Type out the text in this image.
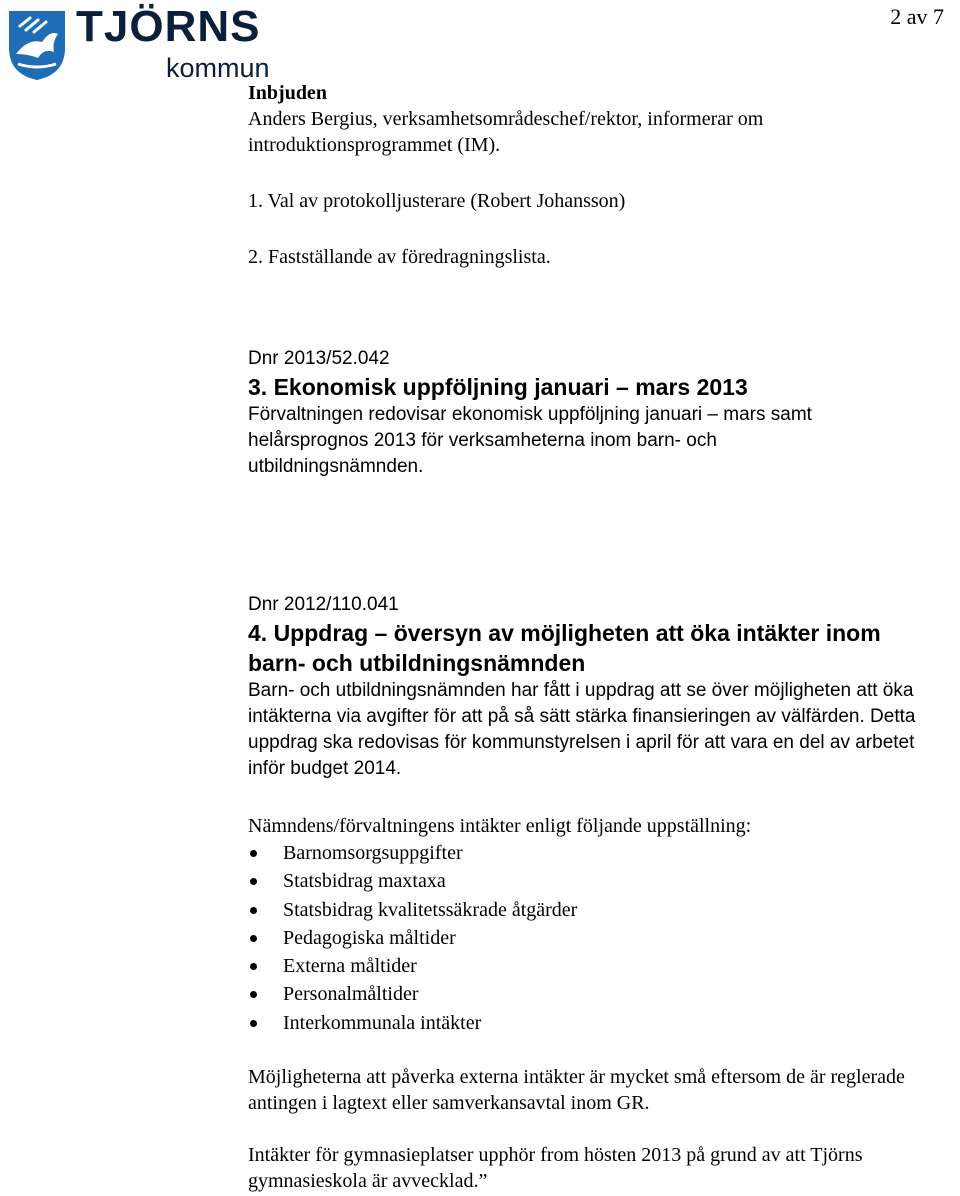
TJÖRNS
kommun
2 av 7
Inbjuden
Anders Bergius, verksamhetsområdeschef/rektor, informerar om introduktionsprogrammet (IM).
1. Val av protokolljusterare (Robert Johansson)
2. Fastställande av föredragningslista.
Dnr 2013/52.042
3. Ekonomisk uppföljning januari – mars 2013
Förvaltningen redovisar ekonomisk uppföljning januari – mars samt helårsprognos 2013 för verksamheterna inom barn- och utbildningsnämnden.
Dnr 2012/110.041
4. Uppdrag – översyn av möjligheten att öka intäkter inom barn- och utbildningsnämnden
Barn- och utbildningsnämnden har fått i uppdrag att se över möjligheten att öka intäkterna via avgifter för att på så sätt stärka finansieringen av välfärden. Detta uppdrag ska redovisas för kommunstyrelsen i april för att vara en del av arbetet inför budget 2014.
Nämndens/förvaltningens intäkter enligt följande uppställning:
Barnomsorgsuppgifter
Statsbidrag maxtaxa
Statsbidrag kvalitetssäkrade åtgärder
Pedagogiska måltider
Externa måltider
Personalmåltider
Interkommunala intäkter
Möjligheterna att påverka externa intäkter är mycket små eftersom de är reglerade antingen i lagtext eller samverkansavtal inom GR.
Intäkter för gymnasieplatser upphör from hösten 2013 på grund av att Tjörns gymnasieskola är avvecklad.”
